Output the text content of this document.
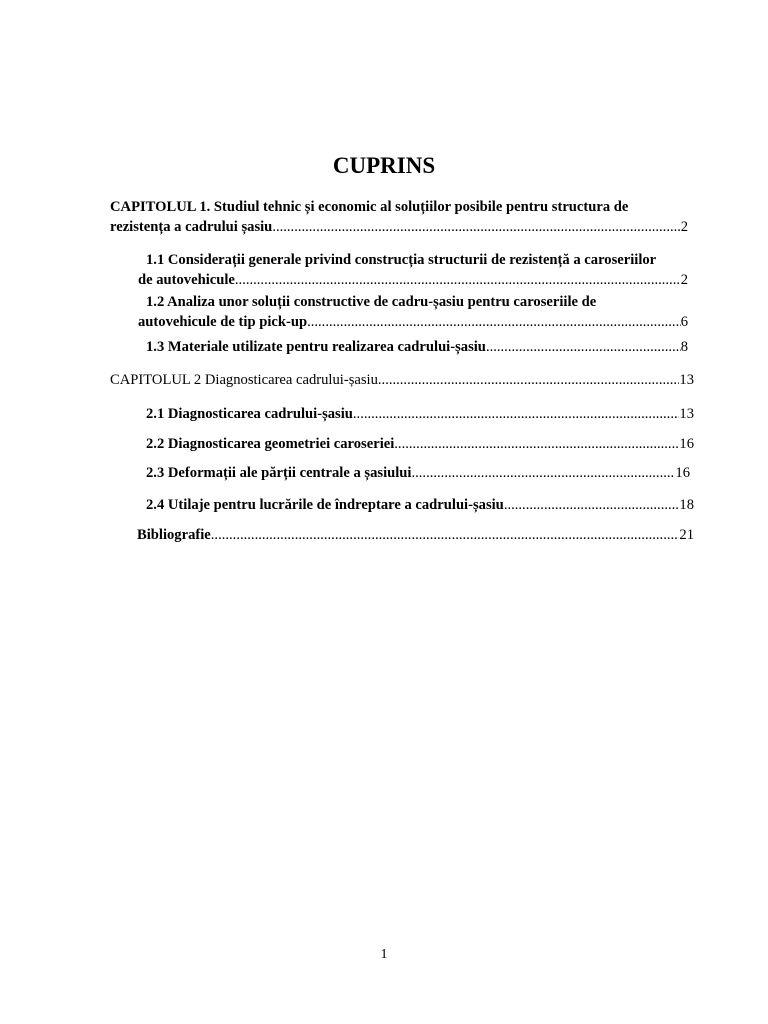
CUPRINS
CAPITOLUL 1. Studiul tehnic și economic al soluțiilor posibile pentru structura de
rezistența a cadrului șasiu .....	2
1.1 Considerații generale privind construcția structurii de rezistență a caroseriilor
de autovehicule .....	2
1.2 Analiza unor soluții constructive de cadru-șasiu pentru caroseriile de
autovehicule de tip pick-up .....	6
1.3 Materiale utilizate pentru realizarea cadrului-șasiu .....	8
CAPITOLUL 2 Diagnosticarea cadrului-șasiu .....	13
2.1 Diagnosticarea cadrului-șasiu .....	13
2.2 Diagnosticarea geometriei caroseriei .....	16
2.3 Deformații ale părții centrale a șasiului .....	16
2.4 Utilaje pentru lucrările de îndreptare a cadrului-șasiu .....	18
Bibliografie .....	21
1
